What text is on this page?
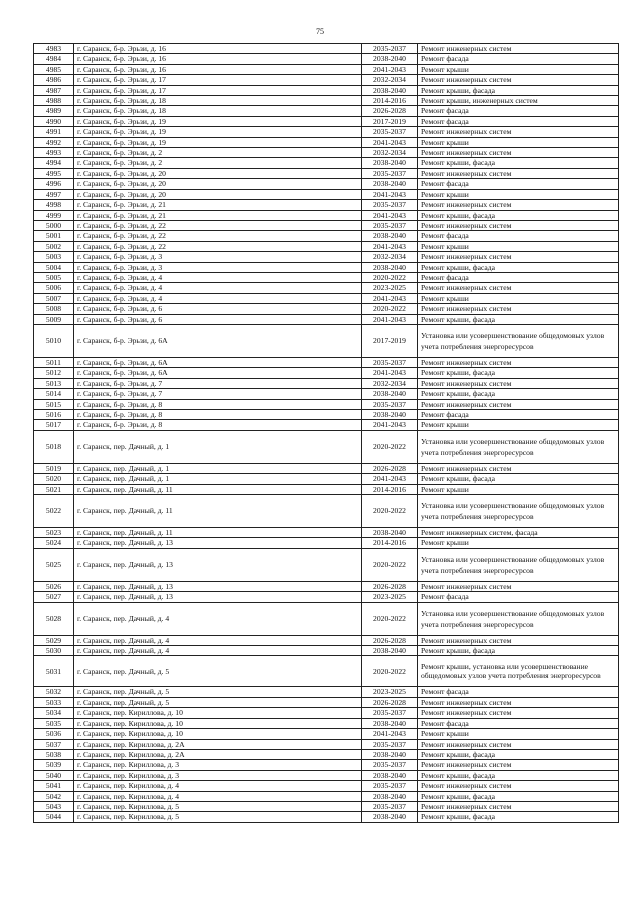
75
4983	г. Саранск, б-р. Эрьзи, д. 16	2035-2037	Ремонт инженерных систем
4984	г. Саранск, б-р. Эрьзи, д. 16	2038-2040	Ремонт фасада
4985	г. Саранск, б-р. Эрьзи, д. 16	2041-2043	Ремонт крыши
4986	г. Саранск, б-р. Эрьзи, д. 17	2032-2034	Ремонт инженерных систем
4987	г. Саранск, б-р. Эрьзи, д. 17	2038-2040	Ремонт крыши, фасада
4988	г. Саранск, б-р. Эрьзи, д. 18	2014-2016	Ремонт крыши, инженерных систем
4989	г. Саранск, б-р. Эрьзи, д. 18	2026-2028	Ремонт фасада
4990	г. Саранск, б-р. Эрьзи, д. 19	2017-2019	Ремонт фасада
4991	г. Саранск, б-р. Эрьзи, д. 19	2035-2037	Ремонт инженерных систем
4992	г. Саранск, б-р. Эрьзи, д. 19	2041-2043	Ремонт крыши
4993	г. Саранск, б-р. Эрьзи, д. 2	2032-2034	Ремонт инженерных систем
4994	г. Саранск, б-р. Эрьзи, д. 2	2038-2040	Ремонт крыши, фасада
4995	г. Саранск, б-р. Эрьзи, д. 20	2035-2037	Ремонт инженерных систем
4996	г. Саранск, б-р. Эрьзи, д. 20	2038-2040	Ремонт фасада
4997	г. Саранск, б-р. Эрьзи, д. 20	2041-2043	Ремонт крыши
4998	г. Саранск, б-р. Эрьзи, д. 21	2035-2037	Ремонт инженерных систем
4999	г. Саранск, б-р. Эрьзи, д. 21	2041-2043	Ремонт крыши, фасада
5000	г. Саранск, б-р. Эрьзи, д. 22	2035-2037	Ремонт инженерных систем
5001	г. Саранск, б-р. Эрьзи, д. 22	2038-2040	Ремонт фасада
5002	г. Саранск, б-р. Эрьзи, д. 22	2041-2043	Ремонт крыши
5003	г. Саранск, б-р. Эрьзи, д. 3	2032-2034	Ремонт инженерных систем
5004	г. Саранск, б-р. Эрьзи, д. 3	2038-2040	Ремонт крыши, фасада
5005	г. Саранск, б-р. Эрьзи, д. 4	2020-2022	Ремонт фасада
5006	г. Саранск, б-р. Эрьзи, д. 4	2023-2025	Ремонт инженерных систем
5007	г. Саранск, б-р. Эрьзи, д. 4	2041-2043	Ремонт крыши
5008	г. Саранск, б-р. Эрьзи, д. 6	2020-2022	Ремонт инженерных систем
5009	г. Саранск, б-р. Эрьзи, д. 6	2041-2043	Ремонт крыши, фасада
5010	г. Саранск, б-р. Эрьзи, д. 6А	2017-2019	Установка или усовершенствование общедомовых узлов учета потребления энергоресурсов
5011	г. Саранск, б-р. Эрьзи, д. 6А	2035-2037	Ремонт инженерных систем
5012	г. Саранск, б-р. Эрьзи, д. 6А	2041-2043	Ремонт крыши, фасада
5013	г. Саранск, б-р. Эрьзи, д. 7	2032-2034	Ремонт инженерных систем
5014	г. Саранск, б-р. Эрьзи, д. 7	2038-2040	Ремонт крыши, фасада
5015	г. Саранск, б-р. Эрьзи, д. 8	2035-2037	Ремонт инженерных систем
5016	г. Саранск, б-р. Эрьзи, д. 8	2038-2040	Ремонт фасада
5017	г. Саранск, б-р. Эрьзи, д. 8	2041-2043	Ремонт крыши
5018	г. Саранск, пер. Дачный, д. 1	2020-2022	Установка или усовершенствование общедомовых узлов учета потребления энергоресурсов
5019	г. Саранск, пер. Дачный, д. 1	2026-2028	Ремонт инженерных систем
5020	г. Саранск, пер. Дачный, д. 1	2041-2043	Ремонт крыши, фасада
5021	г. Саранск, пер. Дачный, д. 11	2014-2016	Ремонт крыши
5022	г. Саранск, пер. Дачный, д. 11	2020-2022	Установка или усовершенствование общедомовых узлов учета потребления энергоресурсов
5023	г. Саранск, пер. Дачный, д. 11	2038-2040	Ремонт инженерных систем, фасада
5024	г. Саранск, пер. Дачный, д. 13	2014-2016	Ремонт крыши
5025	г. Саранск, пер. Дачный, д. 13	2020-2022	Установка или усовершенствование общедомовых узлов учета потребления энергоресурсов
5026	г. Саранск, пер. Дачный, д. 13	2026-2028	Ремонт инженерных систем
5027	г. Саранск, пер. Дачный, д. 13	2023-2025	Ремонт фасада
5028	г. Саранск, пер. Дачный, д. 4	2020-2022	Установка или усовершенствование общедомовых узлов учета потребления энергоресурсов
5029	г. Саранск, пер. Дачный, д. 4	2026-2028	Ремонт инженерных систем
5030	г. Саранск, пер. Дачный, д. 4	2038-2040	Ремонт крыши, фасада
5031	г. Саранск, пер. Дачный, д. 5	2020-2022	Ремонт крыши, установка или усовершенствование общедомовых узлов учета потребления энергоресурсов
5032	г. Саранск, пер. Дачный, д. 5	2023-2025	Ремонт фасада
5033	г. Саранск, пер. Дачный, д. 5	2026-2028	Ремонт инженерных систем
5034	г. Саранск, пер. Кириллова, д. 10	2035-2037	Ремонт инженерных систем
5035	г. Саранск, пер. Кириллова, д. 10	2038-2040	Ремонт фасада
5036	г. Саранск, пер. Кириллова, д. 10	2041-2043	Ремонт крыши
5037	г. Саранск, пер. Кириллова, д. 2А	2035-2037	Ремонт инженерных систем
5038	г. Саранск, пер. Кириллова, д. 2А	2038-2040	Ремонт крыши, фасада
5039	г. Саранск, пер. Кириллова, д. 3	2035-2037	Ремонт инженерных систем
5040	г. Саранск, пер. Кириллова, д. 3	2038-2040	Ремонт крыши, фасада
5041	г. Саранск, пер. Кириллова, д. 4	2035-2037	Ремонт инженерных систем
5042	г. Саранск, пер. Кириллова, д. 4	2038-2040	Ремонт крыши, фасада
5043	г. Саранск, пер. Кириллова, д. 5	2035-2037	Ремонт инженерных систем
5044	г. Саранск, пер. Кириллова, д. 5	2038-2040	Ремонт крыши, фасада
